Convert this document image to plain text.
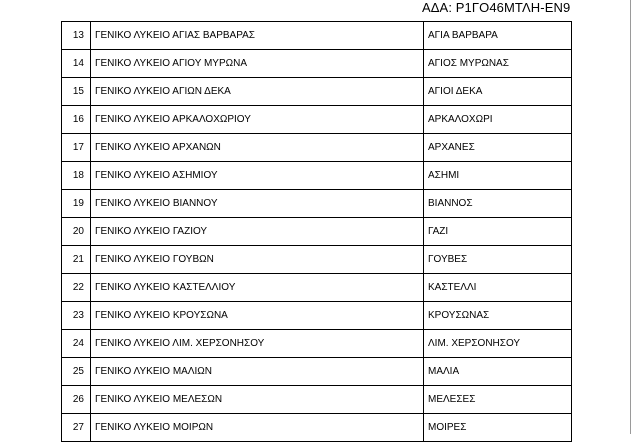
ΑΔΑ: Ρ1ΓΟ46ΜΤΛΗ-ΕΝ9
13	ΓΕΝΙΚΟ ΛΥΚΕΙΟ ΑΓΙΑΣ ΒΑΡΒΑΡΑΣ	ΑΓΙΑ ΒΑΡΒΑΡΑ
14	ΓΕΝΙΚΟ ΛΥΚΕΙΟ ΑΓΙΟΥ ΜΥΡΩΝΑ	ΑΓΙΟΣ ΜΥΡΩΝΑΣ
15	ΓΕΝΙΚΟ ΛΥΚΕΙΟ ΑΓΙΩΝ ΔΕΚΑ	ΑΓΙΟΙ ΔΕΚΑ
16	ΓΕΝΙΚΟ ΛΥΚΕΙΟ ΑΡΚΑΛΟΧΩΡΙΟΥ	ΑΡΚΑΛΟΧΩΡΙ
17	ΓΕΝΙΚΟ ΛΥΚΕΙΟ ΑΡΧΑΝΩΝ	ΑΡΧΑΝΕΣ
18	ΓΕΝΙΚΟ ΛΥΚΕΙΟ ΑΣΗΜΙΟΥ	ΑΣΗΜΙ
19	ΓΕΝΙΚΟ ΛΥΚΕΙΟ ΒΙΑΝΝΟΥ	ΒΙΑΝΝΟΣ
20	ΓΕΝΙΚΟ ΛΥΚΕΙΟ ΓΑΖΙΟΥ	ΓΑΖΙ
21	ΓΕΝΙΚΟ ΛΥΚΕΙΟ ΓΟΥΒΩΝ	ΓΟΥΒΕΣ
22	ΓΕΝΙΚΟ ΛΥΚΕΙΟ ΚΑΣΤΕΛΛΙΟΥ	ΚΑΣΤΕΛΛΙ
23	ΓΕΝΙΚΟ ΛΥΚΕΙΟ ΚΡΟΥΣΩΝΑ	ΚΡΟΥΣΩΝΑΣ
24	ΓΕΝΙΚΟ ΛΥΚΕΙΟ ΛΙΜ. ΧΕΡΣΟΝΗΣΟΥ	ΛΙΜ. ΧΕΡΣΟΝΗΣΟΥ
25	ΓΕΝΙΚΟ ΛΥΚΕΙΟ ΜΑΛΙΩΝ	ΜΑΛΙΑ
26	ΓΕΝΙΚΟ ΛΥΚΕΙΟ ΜΕΛΕΣΩΝ	ΜΕΛΕΣΕΣ
27	ΓΕΝΙΚΟ ΛΥΚΕΙΟ ΜΟΙΡΩΝ	ΜΟΙΡΕΣ
